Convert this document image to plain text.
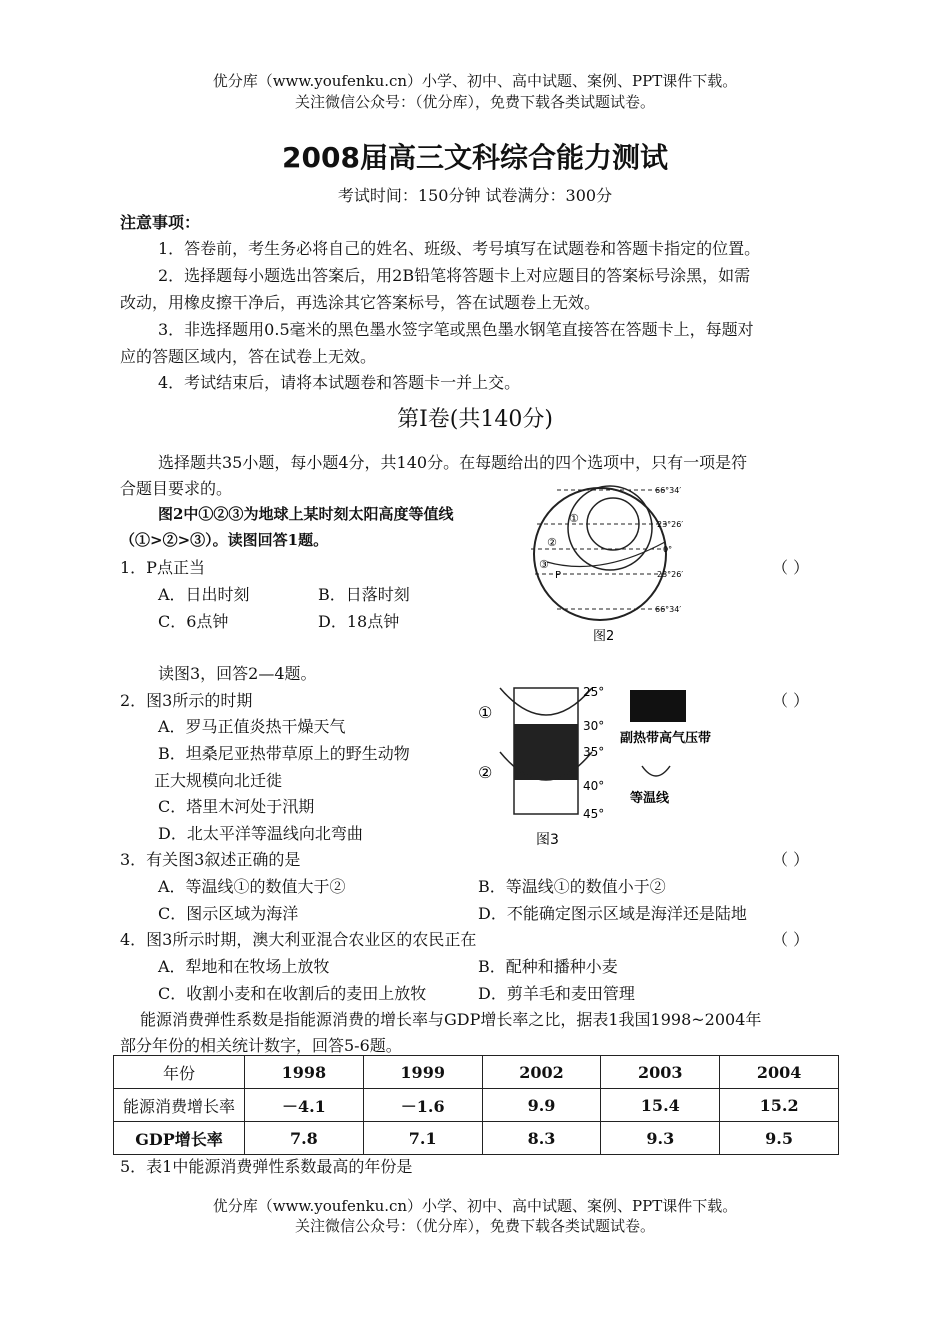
优分库（www.youfenku.cn）小学、初中、高中试题、案例、PPT课件下载。
关注微信公众号：（优分库），免费下载各类试题试卷。
2008届高三文科综合能力测试
考试时间：150分钟 试卷满分：300分
注意事项：
1．答卷前，考生务必将自己的姓名、班级、考号填写在试题卷和答题卡指定的位置。
2．选择题每小题选出答案后，用2B铅笔将答题卡上对应题目的答案标号涂黑，如需
改动，用橡皮擦干净后，再选涂其它答案标号，答在试题卷上无效。
3．非选择题用0.5毫米的黑色墨水签字笔或黑色墨水钢笔直接答在答题卡上，每题对
应的答题区域内，答在试卷上无效。
4．考试结束后，请将本试题卷和答题卡一并上交。
第Ⅰ卷(共140分)
选择题共35小题，每小题4分，共140分。在每题给出的四个选项中，只有一项是符
合题目要求的。
图2中①②③为地球上某时刻太阳高度等值线
（①>②>③）。读图回答1题。
1．P点正当	（ ）
A．日出时刻	B．日落时刻
C．6点钟	D．18点钟
66°34′
23°26′
0°
23°26′
66°34′
①
②
③
P
图2
读图3，回答2—4题。
2．图3所示的时期	（ ）
A．罗马正值炎热干燥天气
B．坦桑尼亚热带草原上的野生动物
正大规模向北迁徙
C．塔里木河处于汛期
D．北太平洋等温线向北弯曲
25°
30°
35°
40°
45°
①
②
副热带高气压带
等温线
图3
3．有关图3叙述正确的是	（ ）
A．等温线①的数值大于②	B．等温线①的数值小于②
C．图示区域为海洋	D．不能确定图示区域是海洋还是陆地
4．图3所示时期，澳大利亚混合农业区的农民正在	（ ）
A．犁地和在牧场上放牧	B．配种和播种小麦
C．收割小麦和在收割后的麦田上放牧	D．剪羊毛和麦田管理
能源消费弹性系数是指能源消费的增长率与GDP增长率之比，据表1我国1998~2004年
部分年份的相关统计数字，回答5-6题。
年份	1998	1999	2002	2003	2004
能源消费增长率	－4.1	－1.6	9.9	15.4	15.2
GDP增长率	7.8	7.1	8.3	9.3	9.5
5．表1中能源消费弹性系数最高的年份是
优分库（www.youfenku.cn）小学、初中、高中试题、案例、PPT课件下载。
关注微信公众号：（优分库），免费下载各类试题试卷。
